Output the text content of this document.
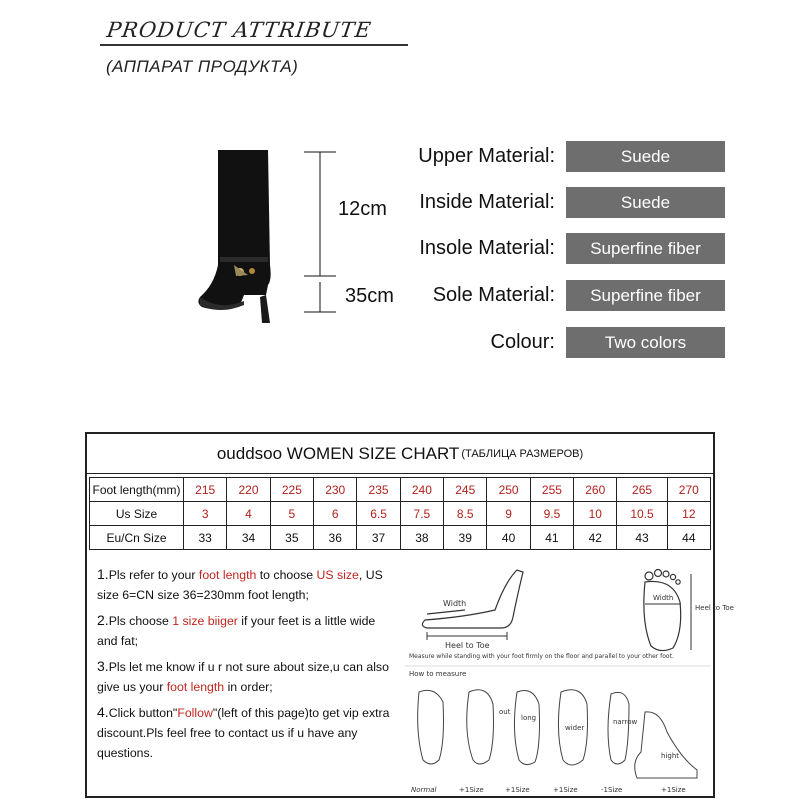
PRODUCT ATTRIBUTE
(АППАРАТ ПРОДУКТА)
12cm
35cm
Upper Material:	Suede
Inside Material:	Suede
Insole Material:	Superfine fiber
Sole Material:	Superfine fiber
Colour:	Two colors
ouddsoo WOMEN SIZE CHART (ТАБЛИЦА РАЗМЕРОВ)
Foot length(mm)	215	220	225	230	235	240	245	250	255	260	265	270
Us Size	3	4	5	6	6.5	7.5	8.5	9	9.5	10	10.5	12
Eu/Cn Size	33	34	35	36	37	38	39	40	41	42	43	44

1.Pls refer to your foot length to choose US size, US size 6=CN size 36=230mm foot length;

2.Pls choose 1 size biiger if your feet is a little wide and fat;

3.Pls let me know if u r not sure about size,u can also give us your foot length in order;

4.Click button"Follow"(left of this page)to get vip extra discount.Pls feel free to contact us if u have any questions.

Width
Heel to Toe
Width
Heel to Toe
Measure while standing with your foot firmly on the floor and parallel to your other foot.
How to measure
out
long
wider
narrow
hight
Normal	+1Size	+1Size	+1Size	-1Size	+1Size
